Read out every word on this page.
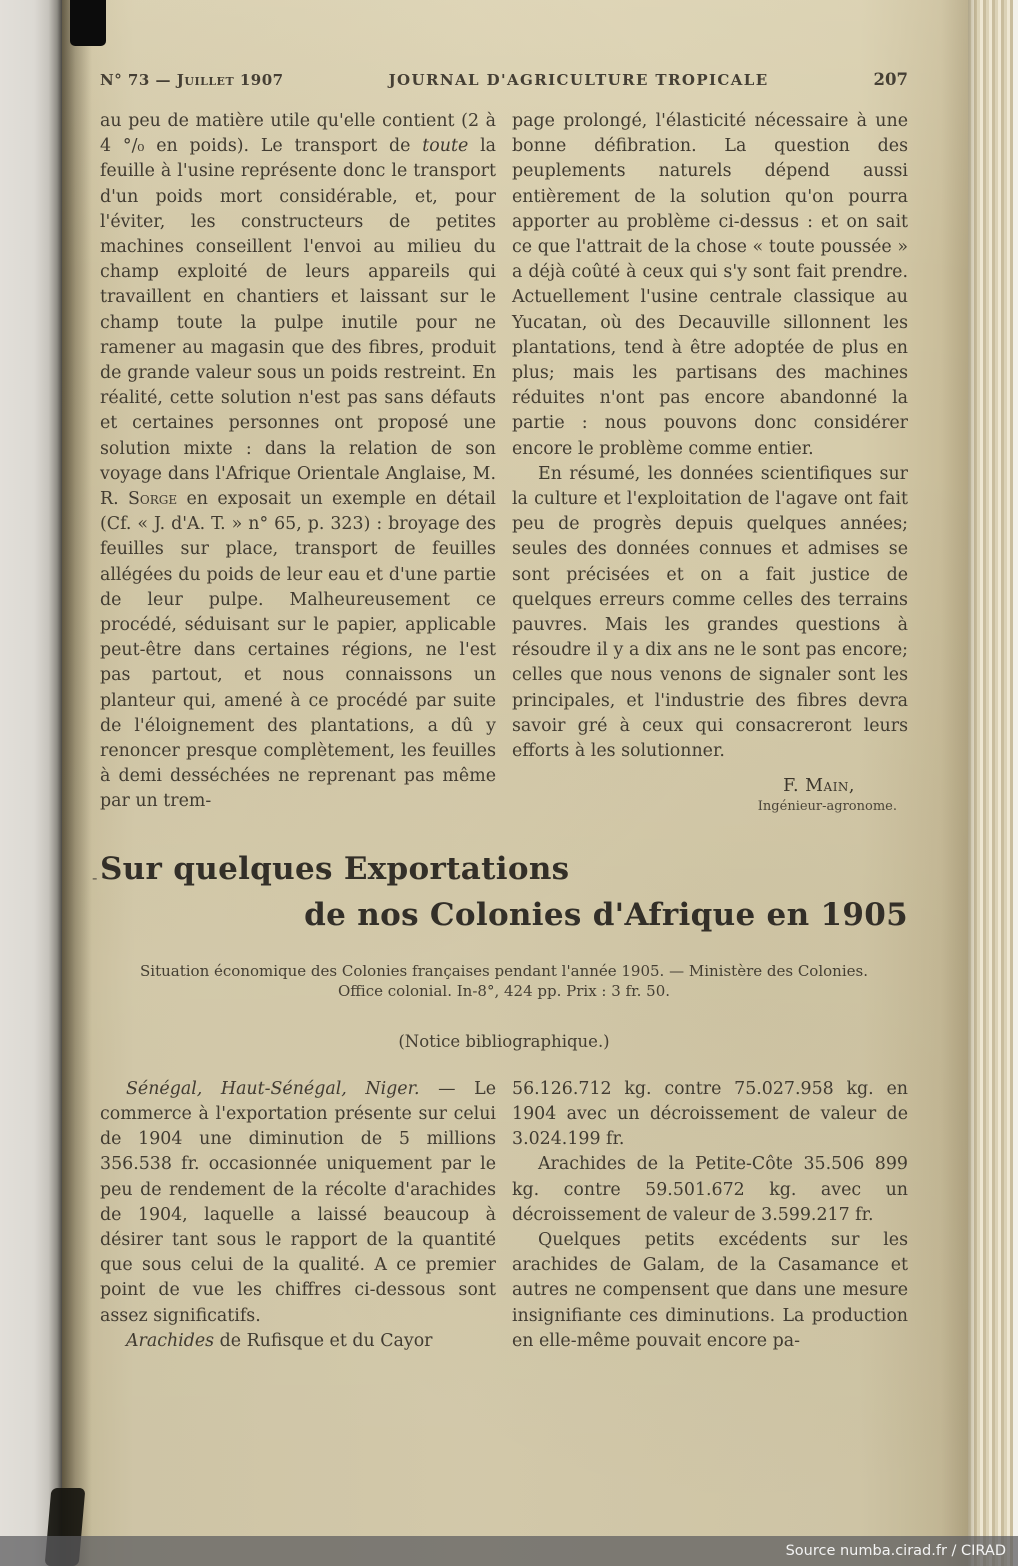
N° 73 — Juillet 1907	JOURNAL D'AGRICULTURE TROPICALE	207

au peu de matière utile qu'elle contient (2 à 4 °/₀ en poids). Le transport de toute la feuille à l'usine représente donc le transport d'un poids mort considérable, et, pour l'éviter, les constructeurs de petites machines conseillent l'envoi au milieu du champ exploité de leurs appareils qui travaillent en chantiers et laissant sur le champ toute la pulpe inutile pour ne ramener au magasin que des fibres, produit de grande valeur sous un poids restreint. En réalité, cette solution n'est pas sans défauts et certaines personnes ont proposé une solution mixte : dans la relation de son voyage dans l'Afrique Orientale Anglaise, M. R. Sorge en exposait un exemple en détail (Cf. « J. d'A. T. » n° 65, p. 323) : broyage des feuilles sur place, transport de feuilles allégées du poids de leur eau et d'une partie de leur pulpe. Malheureusement ce procédé, séduisant sur le papier, applicable peut-être dans certaines régions, ne l'est pas partout, et nous connaissons un planteur qui, amené à ce procédé par suite de l'éloignement des plantations, a dû y renoncer presque complètement, les feuilles à demi desséchées ne reprenant pas même par un trem-

page prolongé, l'élasticité nécessaire à une bonne défibration. La question des peuplements naturels dépend aussi entièrement de la solution qu'on pourra apporter au problème ci-dessus : et on sait ce que l'attrait de la chose « toute poussée » a déjà coûté à ceux qui s'y sont fait prendre. Actuellement l'usine centrale classique au Yucatan, où des Decauville sillonnent les plantations, tend à être adoptée de plus en plus; mais les partisans des machines réduites n'ont pas encore abandonné la partie : nous pouvons donc considérer encore le problème comme entier.

En résumé, les données scientifiques sur la culture et l'exploitation de l'agave ont fait peu de progrès depuis quelques années; seules des données connues et admises se sont précisées et on a fait justice de quelques erreurs comme celles des terrains pauvres. Mais les grandes questions à résoudre il y a dix ans ne le sont pas encore; celles que nous venons de signaler sont les principales, et l'industrie des fibres devra savoir gré à ceux qui consacreront leurs efforts à les solutionner.

F. Main,
Ingénieur-agronome.
Sur quelques Exportations
de nos Colonies d'Afrique en 1905
Situation économique des Colonies françaises pendant l'année 1905. — Ministère des Colonies.
Office colonial. In-8°, 424 pp. Prix : 3 fr. 50.
(Notice bibliographique.)

Sénégal, Haut-Sénégal, Niger. — Le commerce à l'exportation présente sur celui de 1904 une diminution de 5 millions 356.538 fr. occasionnée uniquement par le peu de rendement de la récolte d'arachides de 1904, laquelle a laissé beaucoup à désirer tant sous le rapport de la quantité que sous celui de la qualité. A ce premier point de vue les chiffres ci-dessous sont assez significatifs.

Arachides de Rufisque et du Cayor

56.126.712 kg. contre 75.027.958 kg. en 1904 avec un décroissement de valeur de 3.024.199 fr.

Arachides de la Petite-Côte 35.506 899 kg. contre 59.501.672 kg. avec un décroissement de valeur de 3.599.217 fr.

Quelques petits excédents sur les arachides de Galam, de la Casamance et autres ne compensent que dans une mesure insignifiante ces diminutions. La production en elle-même pouvait encore pa-

-
Source numba.cirad.fr / CIRAD
